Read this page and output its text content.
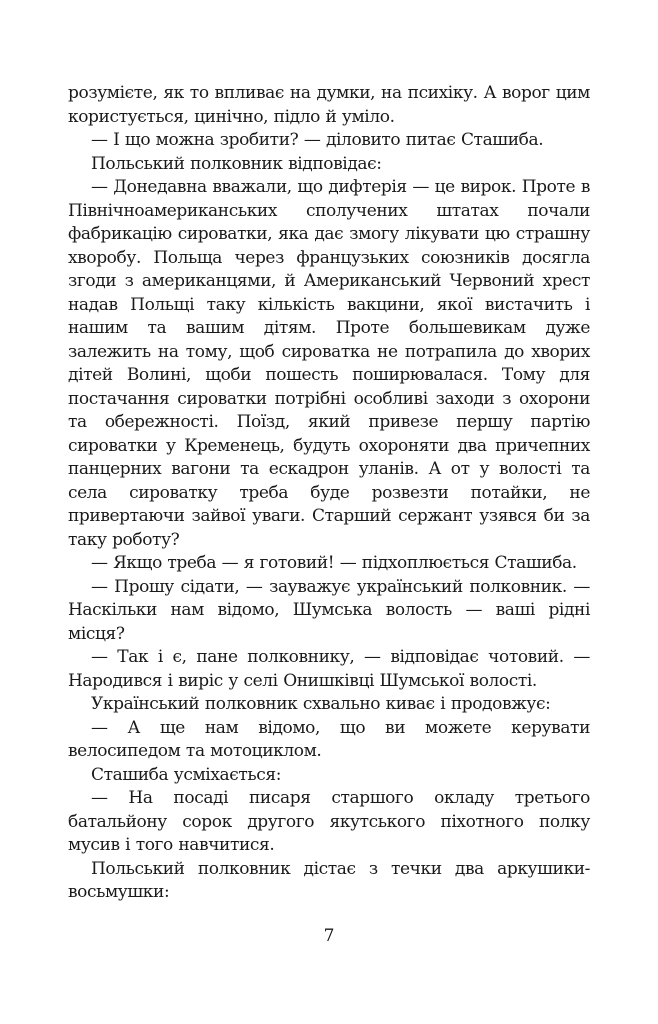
розумієте, як то впливає на думки, на психіку. А ворог цим користується, цинічно, підло й уміло.

— І що можна зробити? — діловито питає Сташиба.

Польський полковник відповідає:

— Донедавна вважали, що дифтерія — це вирок. Проте в Північноамериканських сполучених штатах почали фабрикацію сироватки, яка дає змогу лікувати цю страшну хворобу. Польща через французьких союзників досягла згоди з американцями, й Американський Червоний хрест надав Польщі таку кількість вакцини, якої вистачить і нашим та вашим дітям. Проте большевикам дуже залежить на тому, щоб сироватка не потрапила до хворих дітей Волині, щоби пошесть поширювалася. Тому для постачання сироватки потрібні особливі заходи з охорони та обережності. Поїзд, який привезе першу партію сироватки у Кременець, будуть охороняти два причепних панцерних вагони та ескадрон уланів. А от у волості та села сироватку треба буде розвезти потайки, не привертаючи зайвої уваги. Старший сержант узявся би за таку роботу?

— Якщо треба — я готовий! — підхоплюється Сташиба.

— Прошу сідати, — зауважує український полковник. — Наскільки нам відомо, Шумська волость — ваші рідні місця?

— Так і є, пане полковнику, — відповідає чотовий. — Народився і виріс у селі Онишківці Шумської волості.

Український полковник схвально киває і продовжує:

— А ще нам відомо, що ви можете керувати велосипедом та мотоциклом.

Сташиба усміхається:

— На посаді писаря старшого окладу третього батальйону сорок другого якутського піхотного полку мусив і того навчитися.

Польський полковник дістає з течки два аркушики-восьмушки:

7
